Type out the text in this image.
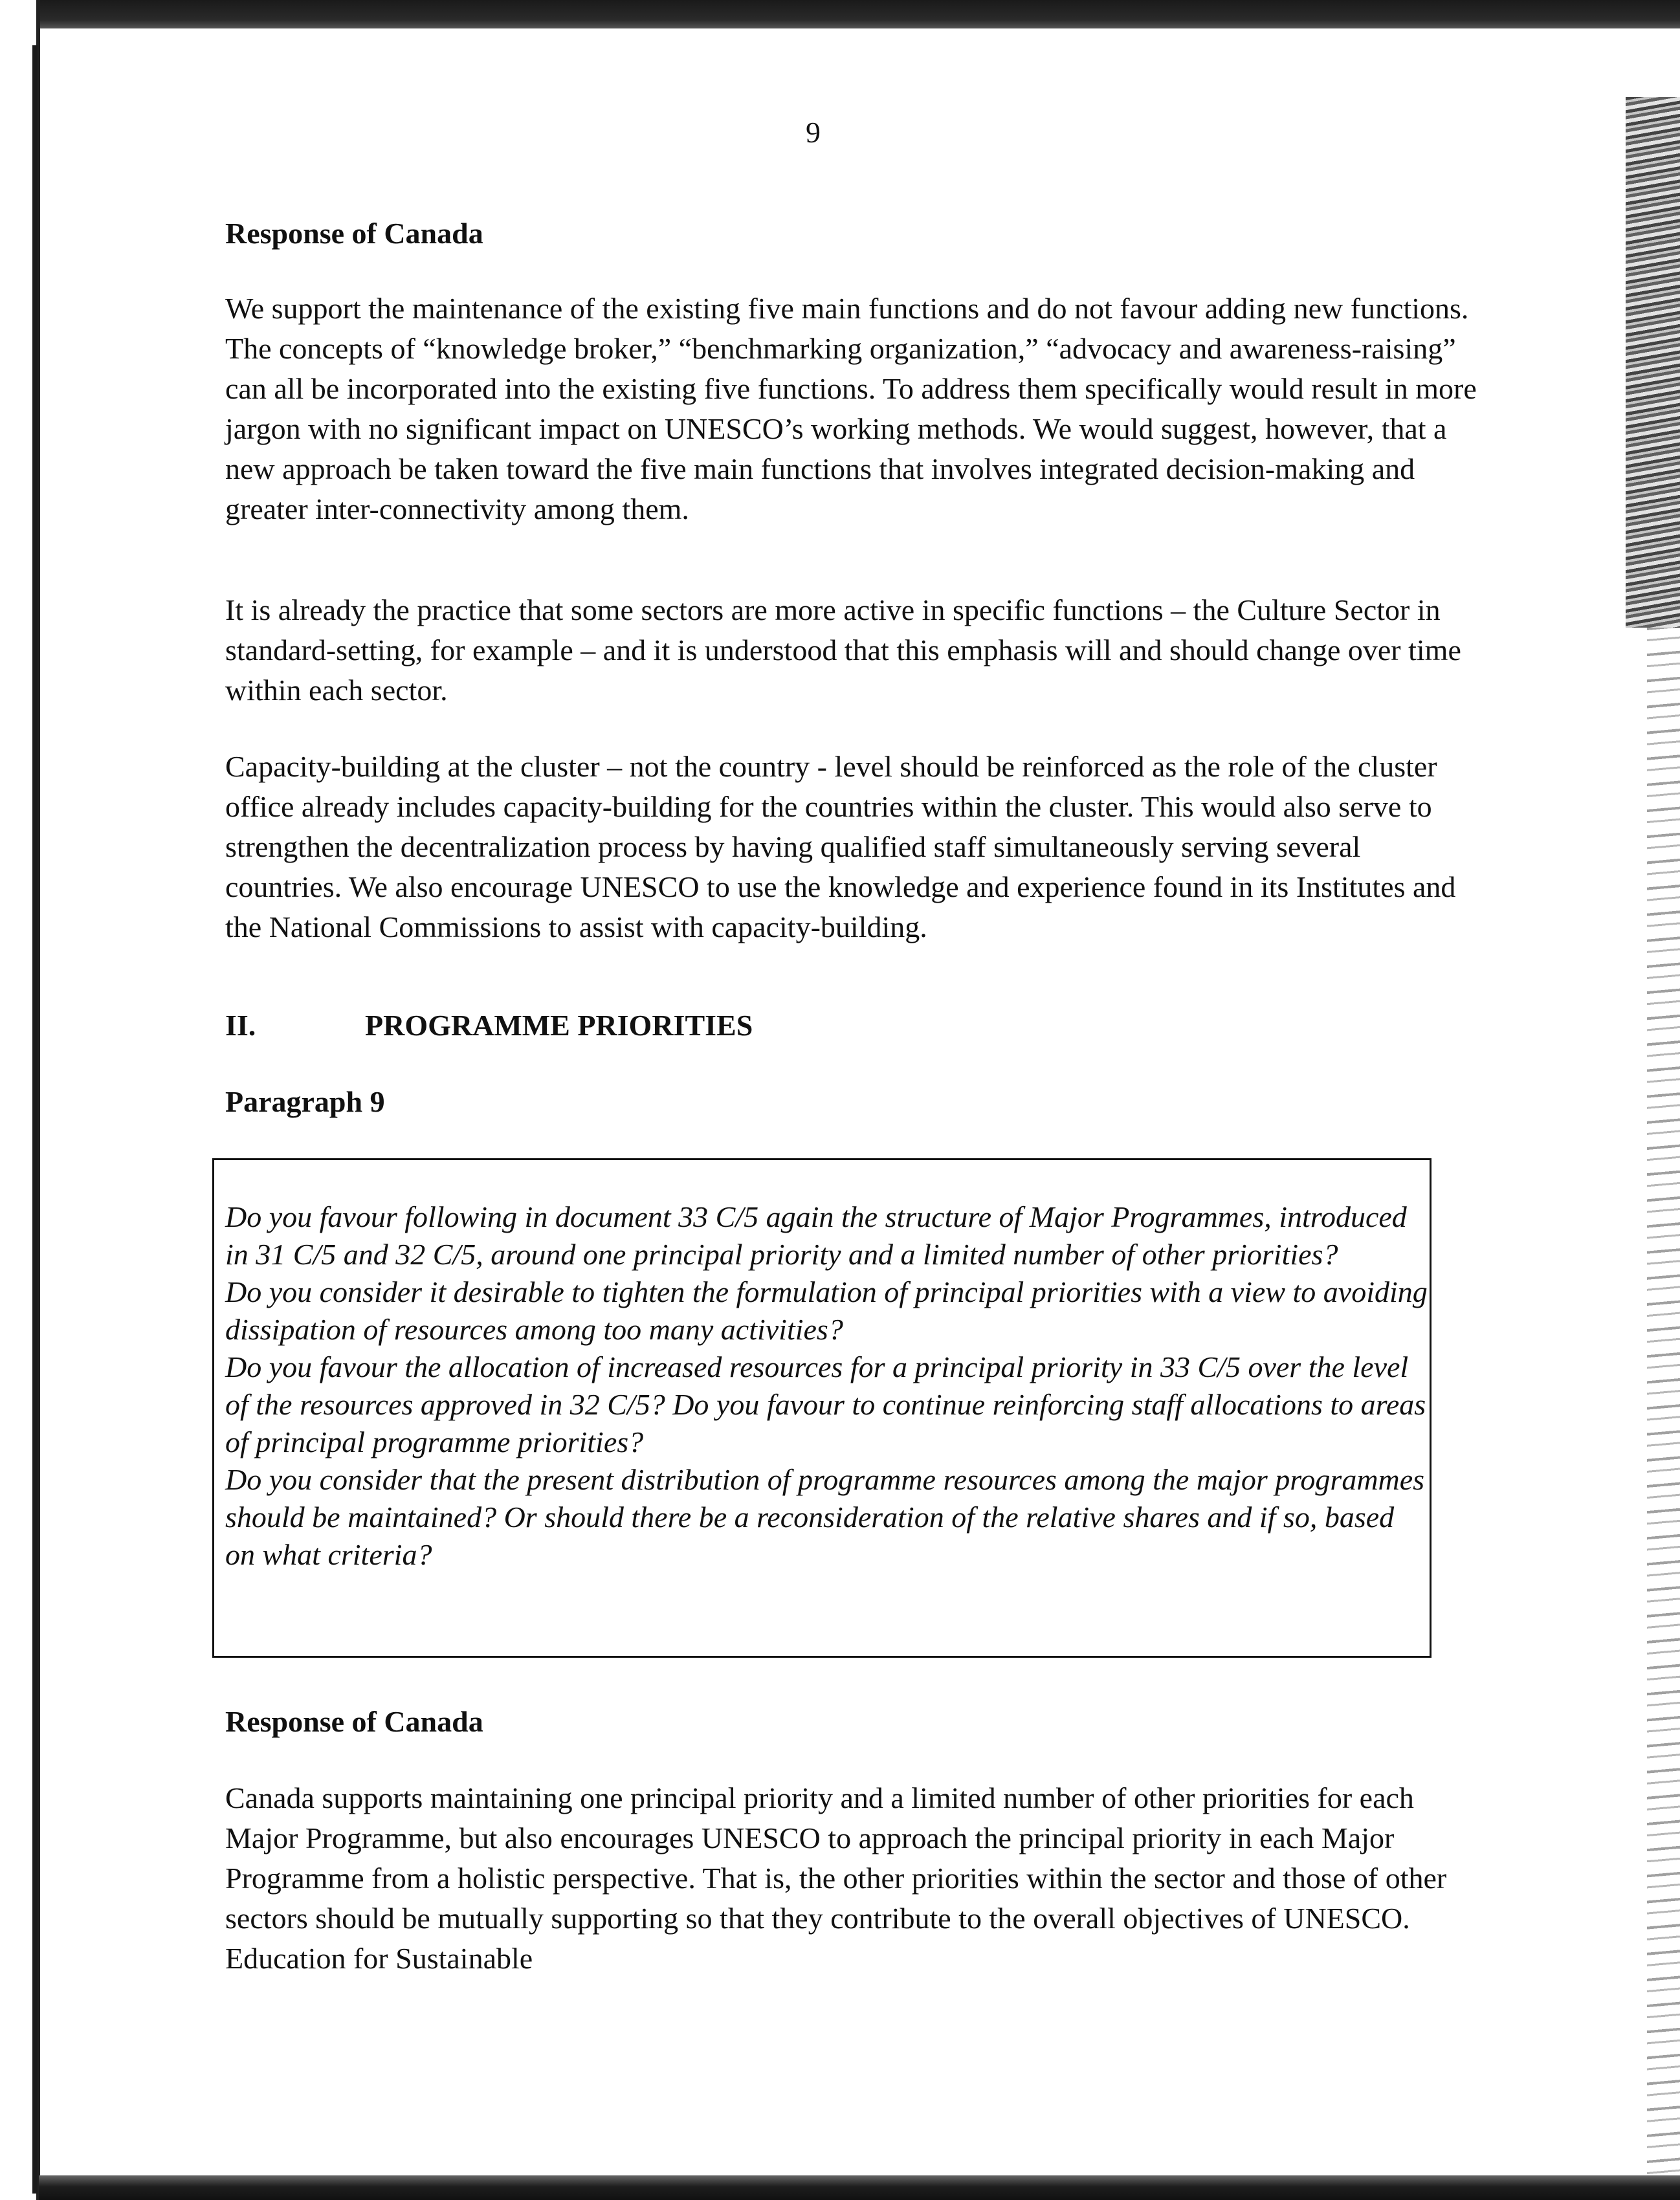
9
Response of Canada

We support the maintenance of the existing five main functions and do not favour adding new functions. The concepts of “knowledge broker,” “benchmarking organization,” “advocacy and awareness-raising” can all be incorporated into the existing five functions. To address them specifically would result in more jargon with no significant impact on UNESCO’s working methods. We would suggest, however, that a new approach be taken toward the five main functions that involves integrated decision-making and greater inter-connectivity among them.

It is already the practice that some sectors are more active in specific functions – the Culture Sector in standard-setting, for example – and it is understood that this emphasis will and should change over time within each sector.

Capacity-building at the cluster – not the country - level should be reinforced as the role of the cluster office already includes capacity-building for the countries within the cluster. This would also serve to strengthen the decentralization process by having qualified staff simultaneously serving several countries. We also encourage UNESCO to use the knowledge and experience found in its Institutes and the National Commissions to assist with capacity-building.

II.	PROGRAMME PRIORITIES
Paragraph 9

Do you favour following in document 33 C/5 again the structure of Major Programmes, introduced in 31 C/5 and 32 C/5, around one principal priority and a limited number of other priorities?

Do you consider it desirable to tighten the formulation of principal priorities with a view to avoiding dissipation of resources among too many activities?

Do you favour the allocation of increased resources for a principal priority in 33 C/5 over the level of the resources approved in 32 C/5? Do you favour to continue reinforcing staff allocations to areas of principal programme priorities?

Do you consider that the present distribution of programme resources among the major programmes should be maintained? Or should there be a reconsideration of the relative shares and if so, based on what criteria?

Response of Canada

Canada supports maintaining one principal priority and a limited number of other priorities for each Major Programme, but also encourages UNESCO to approach the principal priority in each Major Programme from a holistic perspective. That is, the other priorities within the sector and those of other sectors should be mutually supporting so that they contribute to the overall objectives of UNESCO. Education for Sustainable
